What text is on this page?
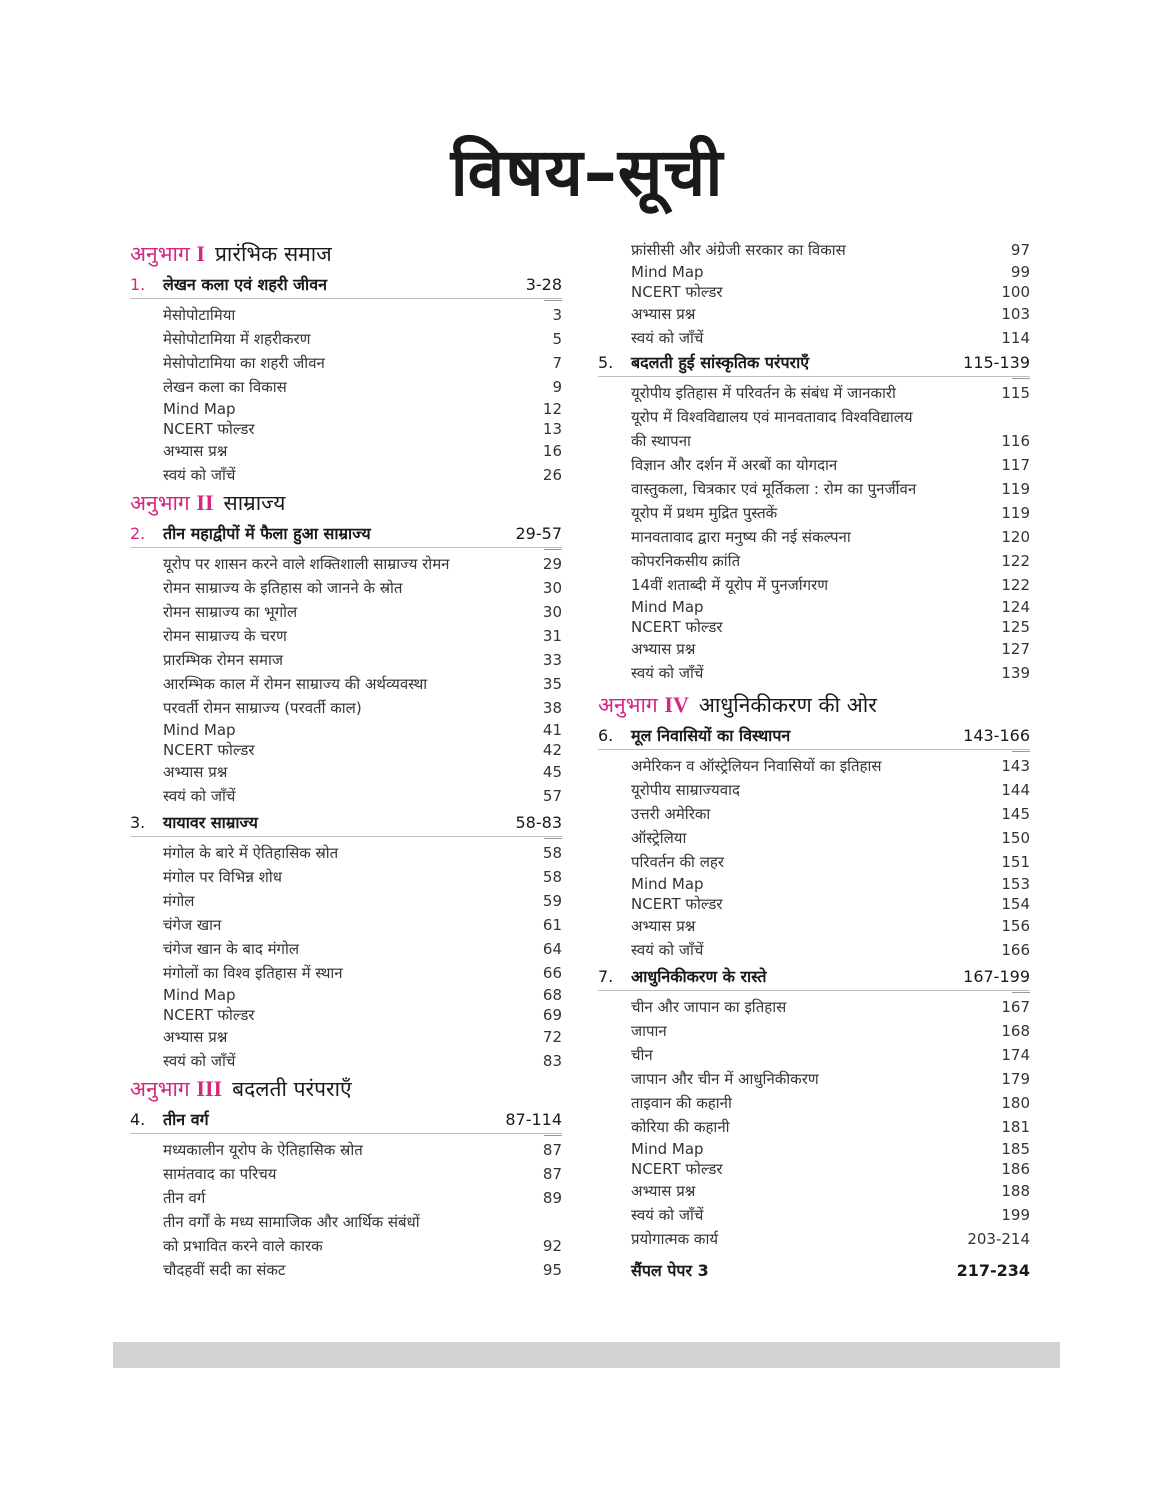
विषय–सूची
अनुभाग I प्रारंभिक समाज
1.	लेखन कला एवं शहरी जीवन	3-28
मेसोपोटामिया	3
मेसोपोटामिया में शहरीकरण	5
मेसोपोटामिया का शहरी जीवन	7
लेखन कला का विकास	9
Mind Map	12
NCERT फोल्डर	13
अभ्यास प्रश्न	16
स्वयं को जाँचें	26
अनुभाग II साम्राज्य
2.	तीन महाद्वीपों में फैला हुआ साम्राज्य	29-57
यूरोप पर शासन करने वाले शक्तिशाली साम्राज्य रोमन	29
रोमन साम्राज्य के इतिहास को जानने के स्रोत	30
रोमन साम्राज्य का भूगोल	30
रोमन साम्राज्य के चरण	31
प्रारम्भिक रोमन समाज	33
आरम्भिक काल में रोमन साम्राज्य की अर्थव्यवस्था	35
परवर्ती रोमन साम्राज्य (परवर्ती काल)	38
Mind Map	41
NCERT फोल्डर	42
अभ्यास प्रश्न	45
स्वयं को जाँचें	57
3.	यायावर साम्राज्य	58-83
मंगोल के बारे में ऐतिहासिक स्रोत	58
मंगोल पर विभिन्न शोध	58
मंगोल	59
चंगेज खान	61
चंगेज खान के बाद मंगोल	64
मंगोलों का विश्व इतिहास में स्थान	66
Mind Map	68
NCERT फोल्डर	69
अभ्यास प्रश्न	72
स्वयं को जाँचें	83
अनुभाग III बदलती परंपराएँ
4.	तीन वर्ग	87-114
मध्यकालीन यूरोप के ऐतिहासिक स्रोत	87
सामंतवाद का परिचय	87
तीन वर्ग	89
तीन वर्गों के मध्य सामाजिक और आर्थिक संबंधों
को प्रभावित करने वाले कारक	92
चौदहवीं सदी का संकट	95
फ्रांसीसी और अंग्रेजी सरकार का विकास	97
Mind Map	99
NCERT फोल्डर	100
अभ्यास प्रश्न	103
स्वयं को जाँचें	114
5.	बदलती हुई सांस्कृतिक परंपराएँ	115-139
यूरोपीय इतिहास में परिवर्तन के संबंध में जानकारी	115
यूरोप में विश्वविद्यालय एवं मानवतावाद विश्वविद्यालय
की स्थापना	116
विज्ञान और दर्शन में अरबों का योगदान	117
वास्तुकला, चित्रकार एवं मूर्तिकला : रोम का पुनर्जीवन	119
यूरोप में प्रथम मुद्रित पुस्तकें	119
मानवतावाद द्वारा मनुष्य की नई संकल्पना	120
कोपरनिकसीय क्रांति	122
14वीं शताब्दी में यूरोप में पुनर्जागरण	122
Mind Map	124
NCERT फोल्डर	125
अभ्यास प्रश्न	127
स्वयं को जाँचें	139
अनुभाग IV आधुनिकीकरण की ओर
6.	मूल निवासियों का विस्थापन	143-166
अमेरिकन व ऑस्ट्रेलियन निवासियों का इतिहास	143
यूरोपीय साम्राज्यवाद	144
उत्तरी अमेरिका	145
ऑस्ट्रेलिया	150
परिवर्तन की लहर	151
Mind Map	153
NCERT फोल्डर	154
अभ्यास प्रश्न	156
स्वयं को जाँचें	166
7.	आधुनिकीकरण के रास्ते	167-199
चीन और जापान का इतिहास	167
जापान	168
चीन	174
जापान और चीन में आधुनिकीकरण	179
ताइवान की कहानी	180
कोरिया की कहानी	181
Mind Map	185
NCERT फोल्डर	186
अभ्यास प्रश्न	188
स्वयं को जाँचें	199
प्रयोगात्मक कार्य	203-214
सैंपल पेपर 3	217-234
